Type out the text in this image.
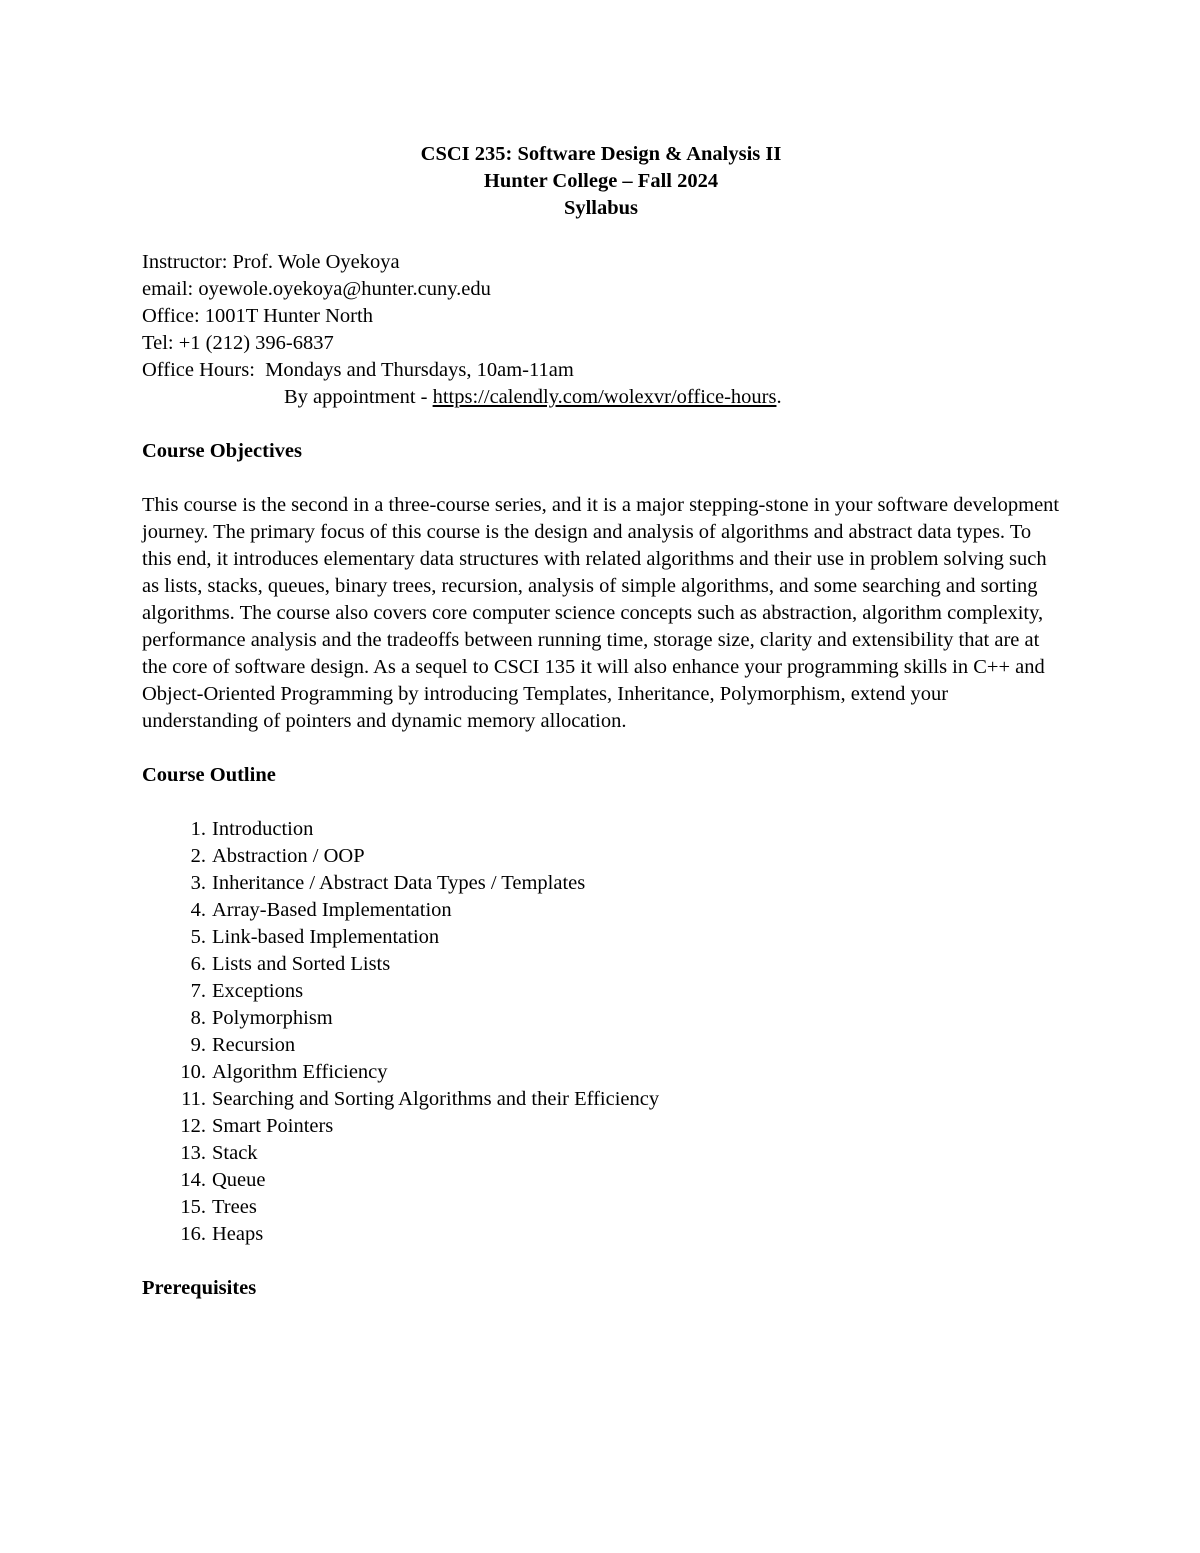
CSCI 235: Software Design & Analysis II
Hunter College – Fall 2024
Syllabus
Instructor: Prof. Wole Oyekoya
email: oyewole.oyekoya@hunter.cuny.edu
Office: 1001T Hunter North
Tel: +1 (212) 396-6837
Office Hours: Mondays and Thursdays, 10am-11am
By appointment - https://calendly.com/wolexvr/office-hours.
Course Objectives

This course is the second in a three-course series, and it is a major stepping-stone in your software development journey. The primary focus of this course is the design and analysis of algorithms and abstract data types. To this end, it introduces elementary data structures with related algorithms and their use in problem solving such as lists, stacks, queues, binary trees, recursion, analysis of simple algorithms, and some searching and sorting algorithms. The course also covers core computer science concepts such as abstraction, algorithm complexity, performance analysis and the tradeoffs between running time, storage size, clarity and extensibility that are at the core of software design. As a sequel to CSCI 135 it will also enhance your programming skills in C++ and Object-Oriented Programming by introducing Templates, Inheritance, Polymorphism, extend your understanding of pointers and dynamic memory allocation.

Course Outline
1. Introduction
2. Abstraction / OOP
3. Inheritance / Abstract Data Types / Templates
4. Array-Based Implementation
5. Link-based Implementation
6. Lists and Sorted Lists
7. Exceptions
8. Polymorphism
9. Recursion
10. Algorithm Efficiency
11. Searching and Sorting Algorithms and their Efficiency
12. Smart Pointers
13. Stack
14. Queue
15. Trees
16. Heaps
Prerequisites
